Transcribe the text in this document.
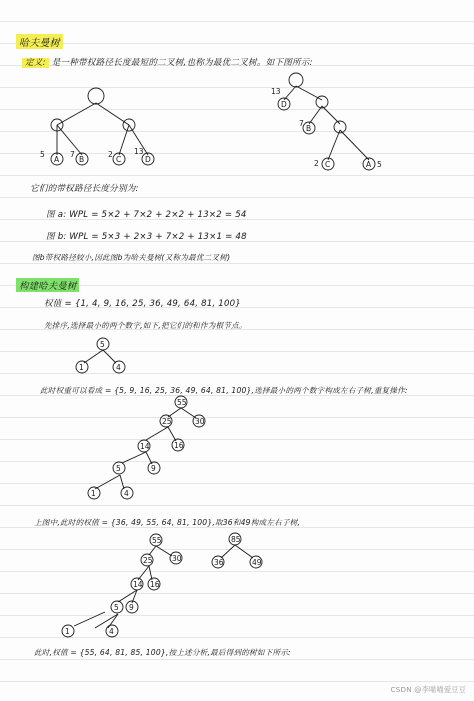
哈夫曼树

定义: 是一种带权路径长度最短的二叉树,也称为最优二叉树。如下图所示:

5
A
7
B
2
C
13
D
13
D
7
B
2 C	A 5
5
1	4
55
25	30
14	16
5	9
1	4
55
25	30
14 16
5 9
1	4
85
36	49

它们的带权路径长度分别为:

图 a: WPL = 5×2 + 7×2 + 2×2 + 13×2 = 54

图 b: WPL = 5×3 + 2×3 + 7×2 + 13×1 = 48

图b带权路径较小,因此图b为哈夫曼树(又称为最优二叉树)

构建哈夫曼树

权值 = {1, 4, 9, 16, 25, 36, 49, 64, 81, 100}

先排序,选择最小的两个数字,如下,把它们的和作为根节点。

此时权重可以看成 = {5, 9, 16, 25, 36, 49, 64, 81, 100},选择最小的两个数字构成左右子树,重复操作:

上图中,此时的权值 = {36, 49, 55, 64, 81, 100},取36和49构成左右子树,

此时,权值 = {55, 64, 81, 85, 100},按上述分析,最后得到的树如下所示:

CSDN @李喵喵爱豆豆
